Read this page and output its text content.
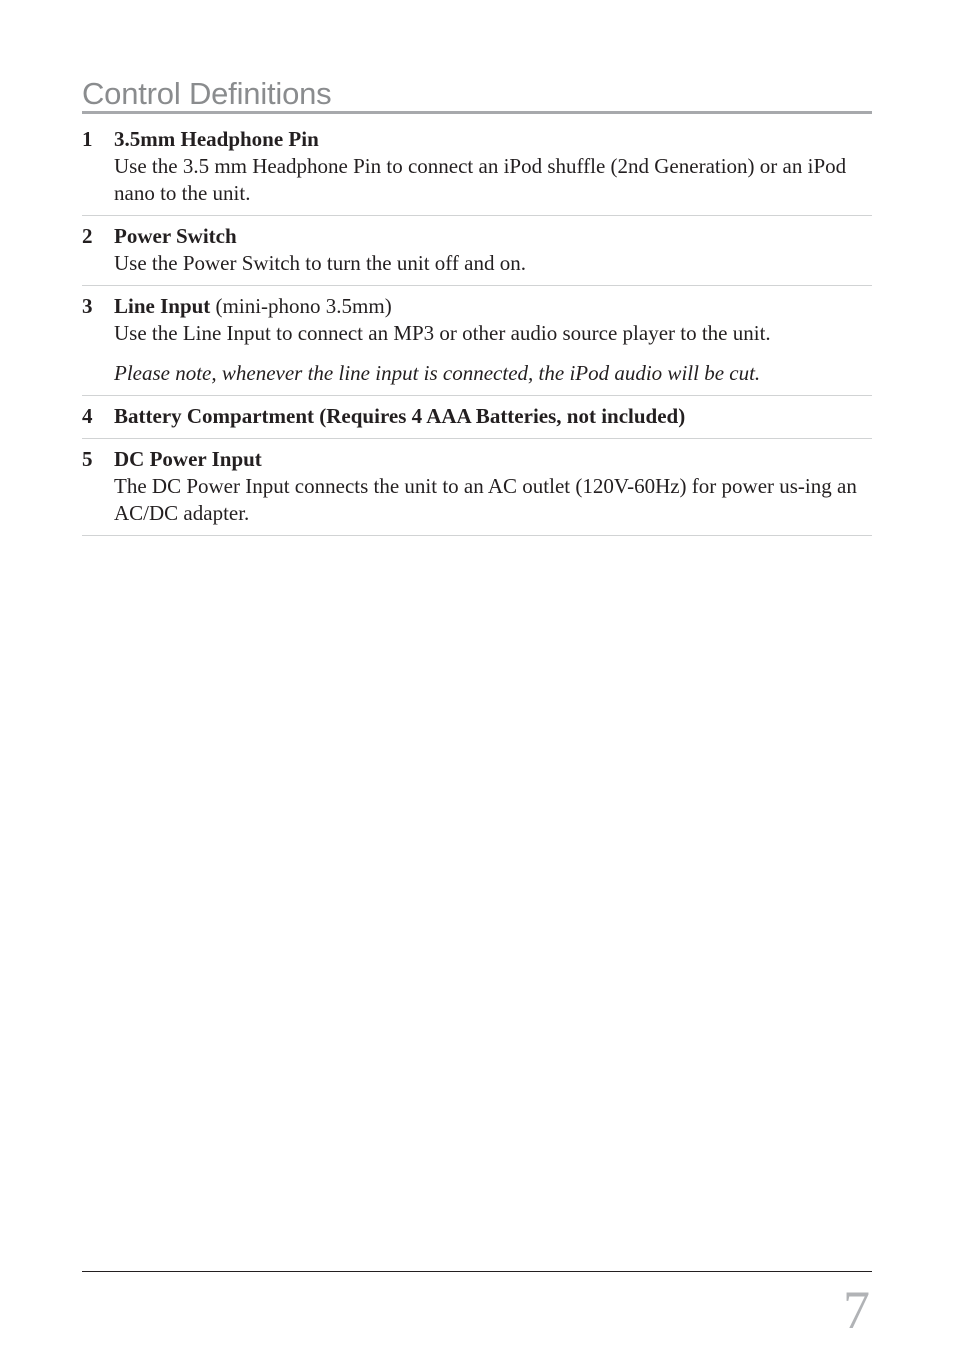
Control Definitions
1 3.5mm Headphone Pin

Use the 3.5 mm Headphone Pin to connect an iPod shuffle (2nd Generation) or an iPod nano to the unit.

2 Power Switch

Use the Power Switch to turn the unit off and on.

3 Line Input (mini-phono 3.5mm)

Use the Line Input to connect an MP3 or other audio source player to the unit.

Please note, whenever the line input is connected, the iPod audio will be cut.

4 Battery Compartment (Requires 4 AAA Batteries, not included)

5 DC Power Input

The DC Power Input connects the unit to an AC outlet (120V-60Hz) for power us-ing an AC/DC adapter.

7
